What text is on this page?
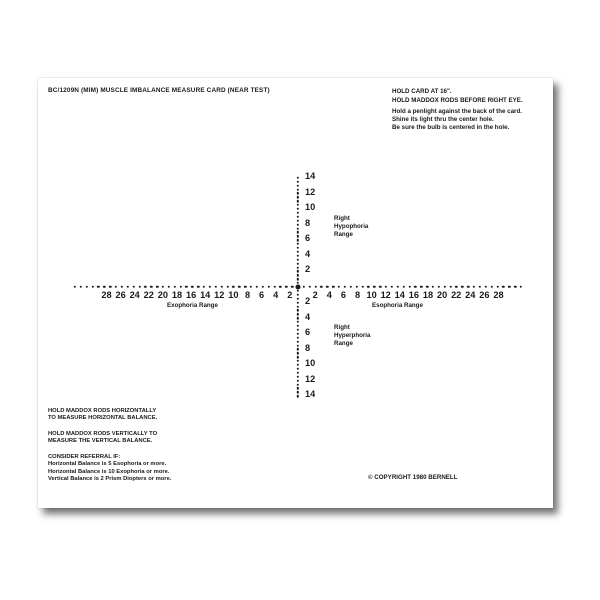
BC/1209N (MIM) MUSCLE IMBALANCE MEASURE CARD (NEAR TEST)	HOLD CARD AT 16".
HOLD MADDOX RODS BEFORE RIGHT EYE.
Hold a penlight against the back of the card.
Shine its light thru the center hole.
Be sure the bulb is centered in the hole.
28 26 24 22 20 18 16 14 12 10 8 6 4 2 2 4 6 8 10 12 14 16 18 20 22 24 26 28
14
12
10
8
6
4
2
2
4
6
8
10
12
14
Right
Hypophoria
Range
Right
Hyperphoria
Range
Exophoria Range	Esophoria Range
HOLD MADDOX RODS HORIZONTALLY
TO MEASURE HORIZONTAL BALANCE.
HOLD MADDOX RODS VERTICALLY TO
MEASURE THE VERTICAL BALANCE.
CONSIDER REFERRAL IF:
Horizontal Balance is 5 Esophoria or more.
Horizontal Balance is 10 Exophoria or more.
Vertical Balance is 2 Prism Diopters or more.	© COPYRIGHT 1980 BERNELL
